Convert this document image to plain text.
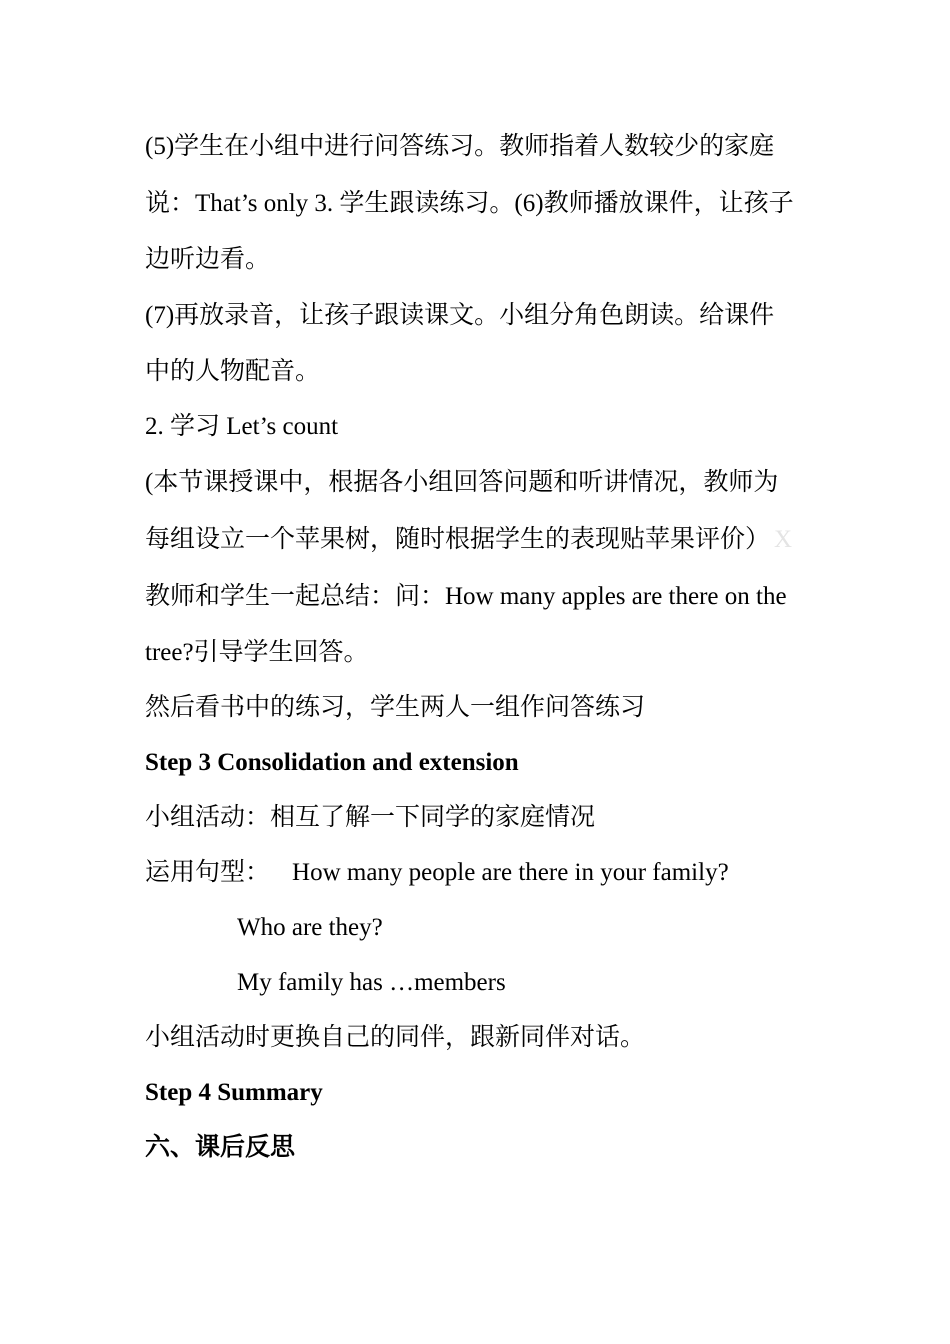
(5)学生在小组中进行问答练习。教师指着人数较少的家庭
说：That’s only 3. 学生跟读练习。(6)教师播放课件，让孩子
边听边看。
(7)再放录音，让孩子跟读课文。小组分角色朗读。给课件
中的人物配音。
2. 学习 Let’s count
(本节课授课中，根据各小组回答问题和听讲情况，教师为
每组设立一个苹果树，随时根据学生的表现贴苹果评价） X
教师和学生一起总结：问：How many apples are there on the
tree?引导学生回答。
然后看书中的练习，学生两人一组作问答练习
Step 3 Consolidation and extension
小组活动：相互了解一下同学的家庭情况
运用句型： How many people are there in your family?
Who are they?
My family has …members
小组活动时更换自己的同伴，跟新同伴对话。
Step 4 Summary
六、课后反思
